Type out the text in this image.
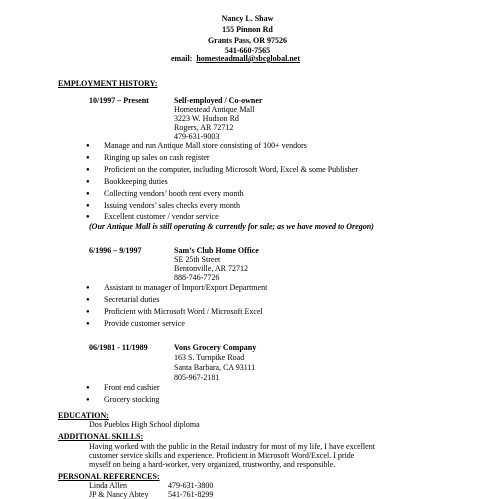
Nancy L. Shaw
155 Pinnon Rd
Grants Pass, OR 97526
541-660-7565
email: homesteadmall@sbcglobal.net
EMPLOYMENT HISTORY:
10/1997 – Present	Self-employed / Co-owner
Homestead Antique Mall
3223 W. Hudson Rd
Rogers, AR 72712
479-631-9003
● Manage and run Antique Mall store consisting of 100+ vendors
● Ringing up sales on cash register
● Proficient on the computer, including Microsoft Word, Excel & some Publisher
● Bookkeeping duties
● Collecting vendors’ booth rent every month
● Issuing vendors’ sales checks every month
● Excellent customer / vendor service
(Our Antique Mall is still operating & currently for sale; as we have moved to Oregon)
6/1996 – 9/1997	Sam’s Club Home Office
SE 25th Street
Bentonville, AR 72712
888-746-7726
● Assistant to manager of Import/Export Department
● Secretarial duties
● Proficient with Microsoft Word / Microsoft Excel
● Provide customer service
06/1981 - 11/1989	Vons Grocery Company
163 S. Turnpike Road
Santa Barbara, CA 93111
805-967-2181
● Front end cashier
● Grocery stocking
EDUCATION:
Dos Pueblos High School diploma
ADDITIONAL SKILLS:
Having worked with the public in the Retail industry for most of my life, I have excellent
customer service skills and experience. Proficient in Microsoft Word/Excel. I pride
myself on being a hard-worker, very organized, trustworthy, and responsible.
PERSONAL REFERENCES:
Linda Allen	479-631-3800
JP & Nancy Abtey 541-761-8299
